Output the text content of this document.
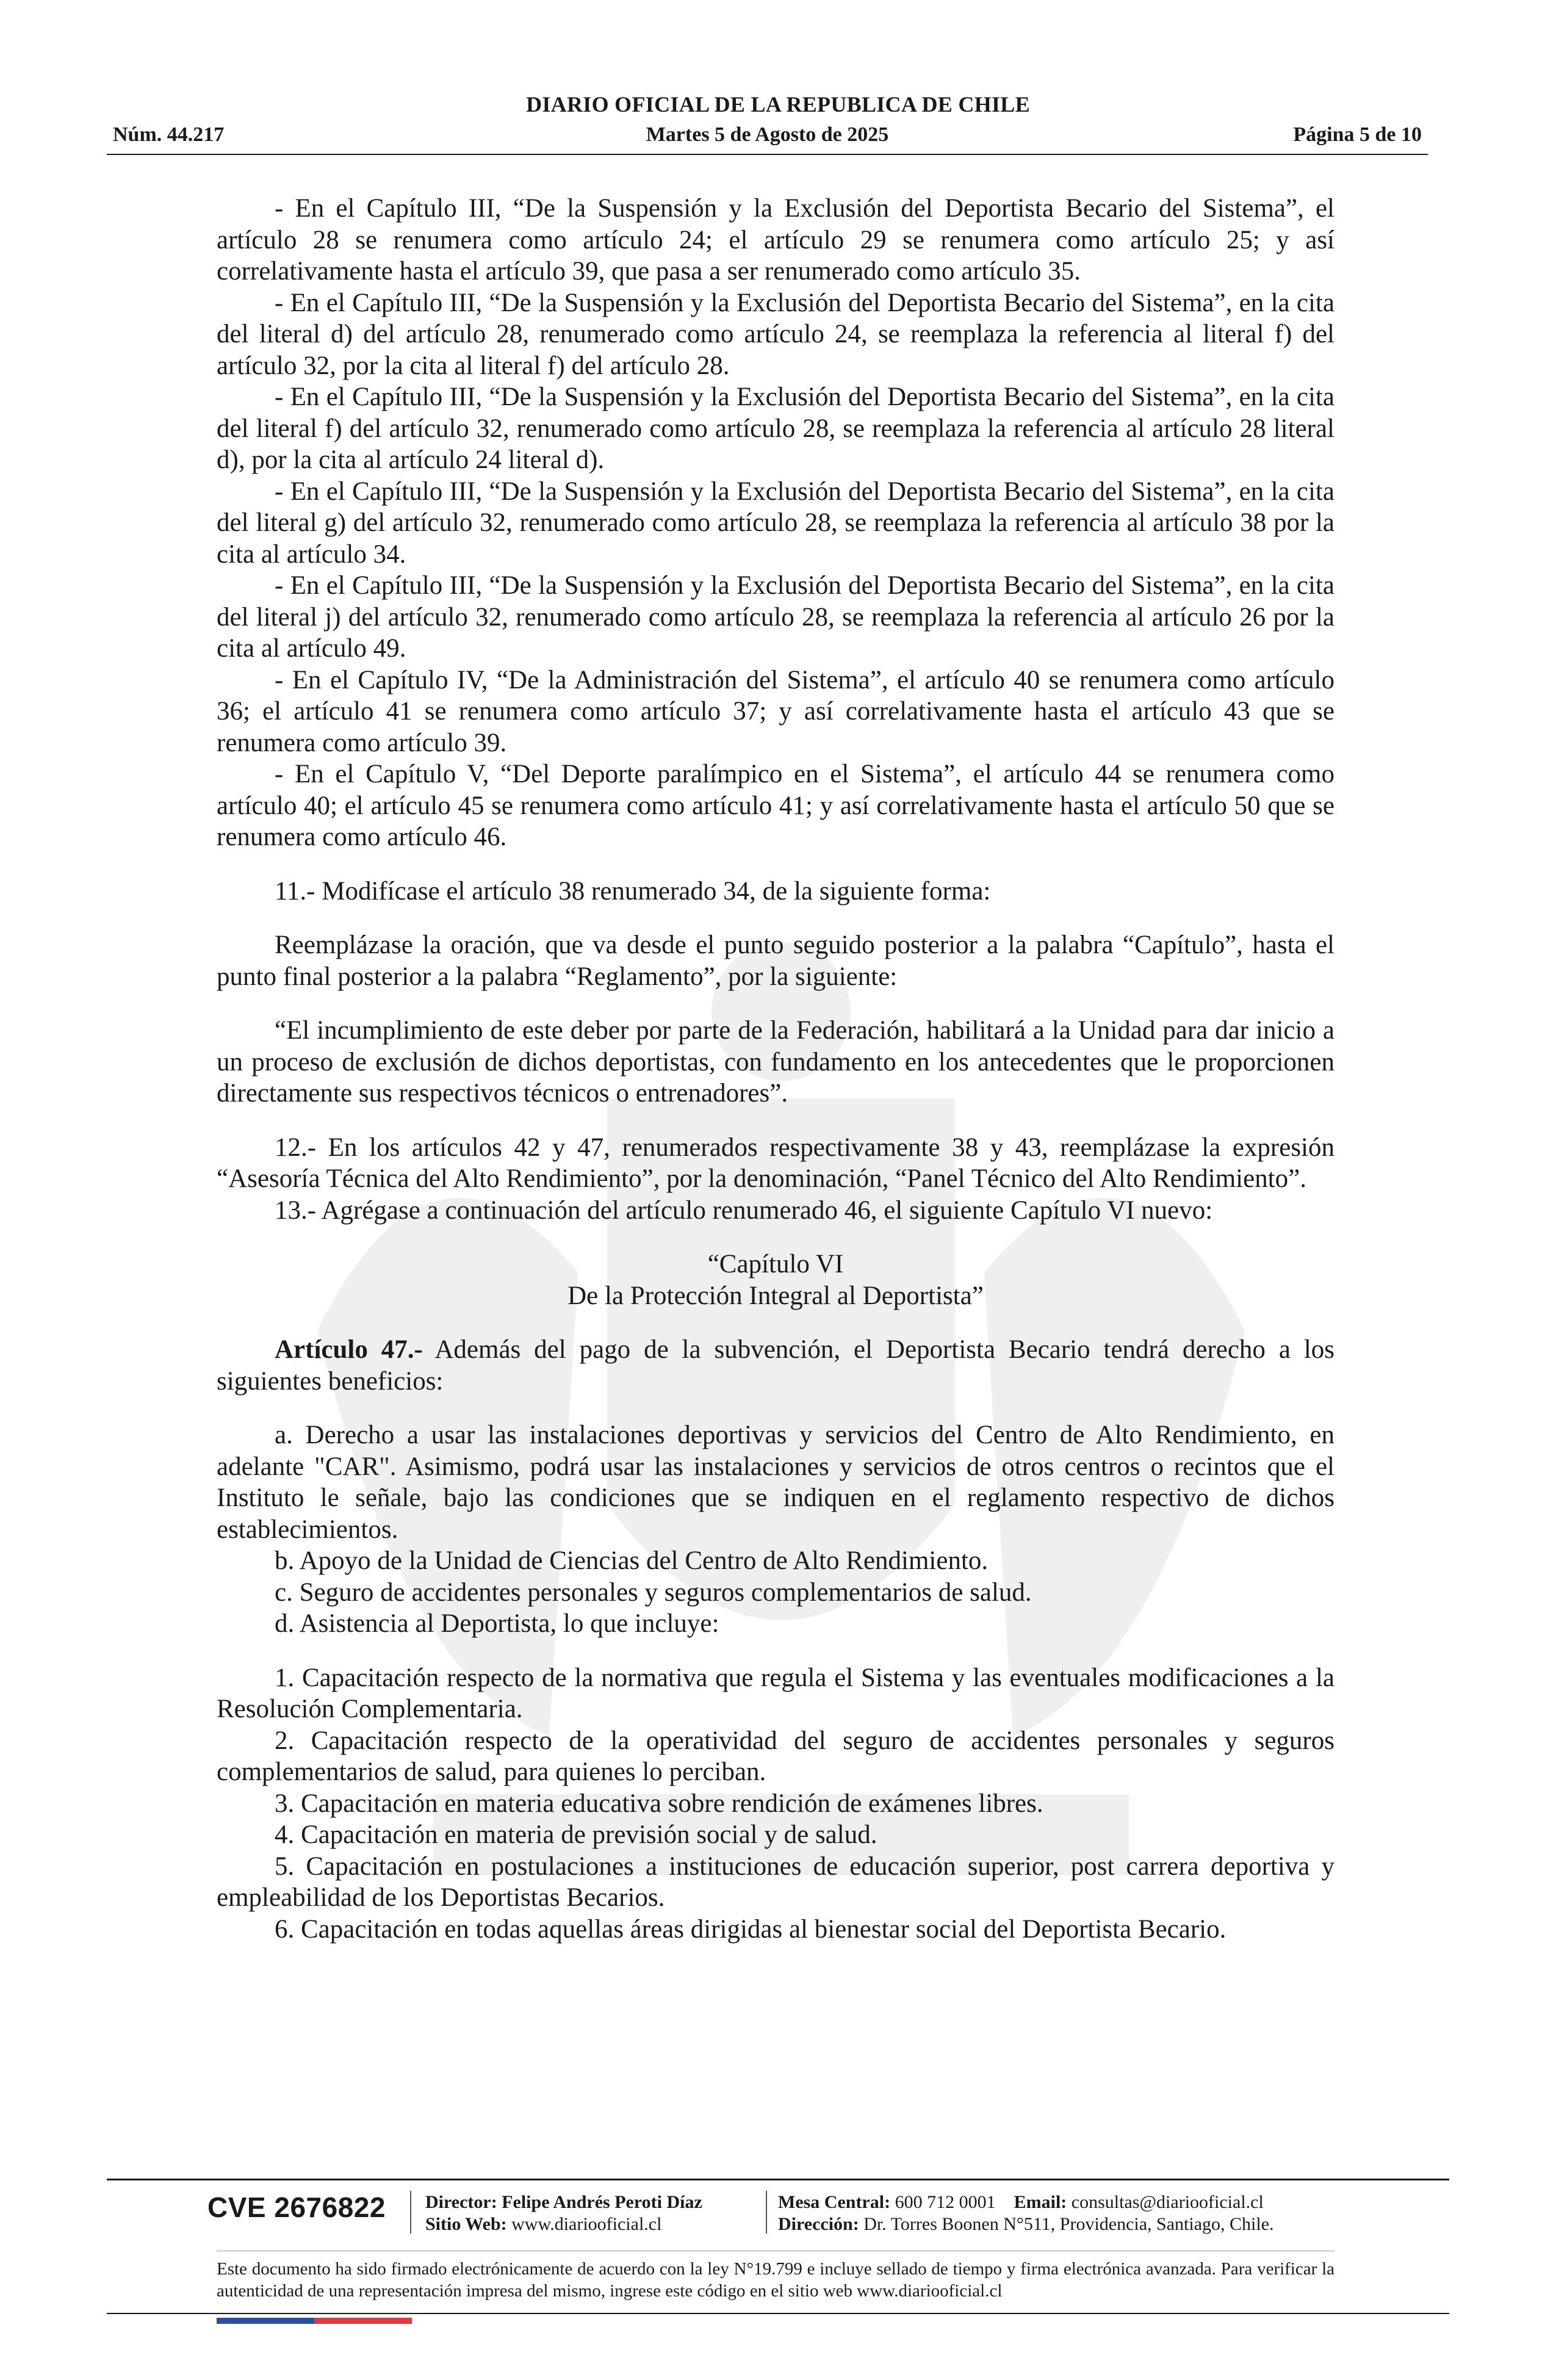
DIARIO OFICIAL DE LA REPUBLICA DE CHILE
Núm. 44.217	Martes 5 de Agosto de 2025	Página 5 de 10

- En el Capítulo III, “De la Suspensión y la Exclusión del Deportista Becario del Sistema”, el artículo 28 se renumera como artículo 24; el artículo 29 se renumera como artículo 25; y así correlativamente hasta el artículo 39, que pasa a ser renumerado como artículo 35.

- En el Capítulo III, “De la Suspensión y la Exclusión del Deportista Becario del Sistema”, en la cita del literal d) del artículo 28, renumerado como artículo 24, se reemplaza la referencia al literal f) del artículo 32, por la cita al literal f) del artículo 28.

- En el Capítulo III, “De la Suspensión y la Exclusión del Deportista Becario del Sistema”, en la cita del literal f) del artículo 32, renumerado como artículo 28, se reemplaza la referencia al artículo 28 literal d), por la cita al artículo 24 literal d).

- En el Capítulo III, “De la Suspensión y la Exclusión del Deportista Becario del Sistema”, en la cita del literal g) del artículo 32, renumerado como artículo 28, se reemplaza la referencia al artículo 38 por la cita al artículo 34.

- En el Capítulo III, “De la Suspensión y la Exclusión del Deportista Becario del Sistema”, en la cita del literal j) del artículo 32, renumerado como artículo 28, se reemplaza la referencia al artículo 26 por la cita al artículo 49.

- En el Capítulo IV, “De la Administración del Sistema”, el artículo 40 se renumera como artículo 36; el artículo 41 se renumera como artículo 37; y así correlativamente hasta el artículo 43 que se renumera como artículo 39.

- En el Capítulo V, “Del Deporte paralímpico en el Sistema”, el artículo 44 se renumera como artículo 40; el artículo 45 se renumera como artículo 41; y así correlativamente hasta el artículo 50 que se renumera como artículo 46.

11.- Modifícase el artículo 38 renumerado 34, de la siguiente forma:

Reemplázase la oración, que va desde el punto seguido posterior a la palabra “Capítulo”, hasta el punto final posterior a la palabra “Reglamento”, por la siguiente:

“El incumplimiento de este deber por parte de la Federación, habilitará a la Unidad para dar inicio a un proceso de exclusión de dichos deportistas, con fundamento en los antecedentes que le proporcionen directamente sus respectivos técnicos o entrenadores”.

12.- En los artículos 42 y 47, renumerados respectivamente 38 y 43, reemplázase la expresión “Asesoría Técnica del Alto Rendimiento”, por la denominación, “Panel Técnico del Alto Rendimiento”.

13.- Agrégase a continuación del artículo renumerado 46, el siguiente Capítulo VI nuevo:

“Capítulo VI

De la Protección Integral al Deportista”

Artículo 47.- Además del pago de la subvención, el Deportista Becario tendrá derecho a los siguientes beneficios:

a. Derecho a usar las instalaciones deportivas y servicios del Centro de Alto Rendimiento, en adelante "CAR". Asimismo, podrá usar las instalaciones y servicios de otros centros o recintos que el Instituto le señale, bajo las condiciones que se indiquen en el reglamento respectivo de dichos establecimientos.

b. Apoyo de la Unidad de Ciencias del Centro de Alto Rendimiento.

c. Seguro de accidentes personales y seguros complementarios de salud.

d. Asistencia al Deportista, lo que incluye:

1. Capacitación respecto de la normativa que regula el Sistema y las eventuales modificaciones a la Resolución Complementaria.

2. Capacitación respecto de la operatividad del seguro de accidentes personales y seguros complementarios de salud, para quienes lo perciban.

3. Capacitación en materia educativa sobre rendición de exámenes libres.

4. Capacitación en materia de previsión social y de salud.

5. Capacitación en postulaciones a instituciones de educación superior, post carrera deportiva y empleabilidad de los Deportistas Becarios.

6. Capacitación en todas aquellas áreas dirigidas al bienestar social del Deportista Becario.

CVE 2676822 Director: Felipe Andrés Peroti Díaz
Sitio Web: www.diariooficial.cl
Mesa Central: 600 712 0001 Email: consultas@diariooficial.cl
Dirección: Dr. Torres Boonen N°511, Providencia, Santiago, Chile.
Este documento ha sido firmado electrónicamente de acuerdo con la ley N°19.799 e incluye sellado de tiempo y firma electrónica avanzada. Para verificar la autenticidad de una representación impresa del mismo, ingrese este código en el sitio web www.diariooficial.cl
